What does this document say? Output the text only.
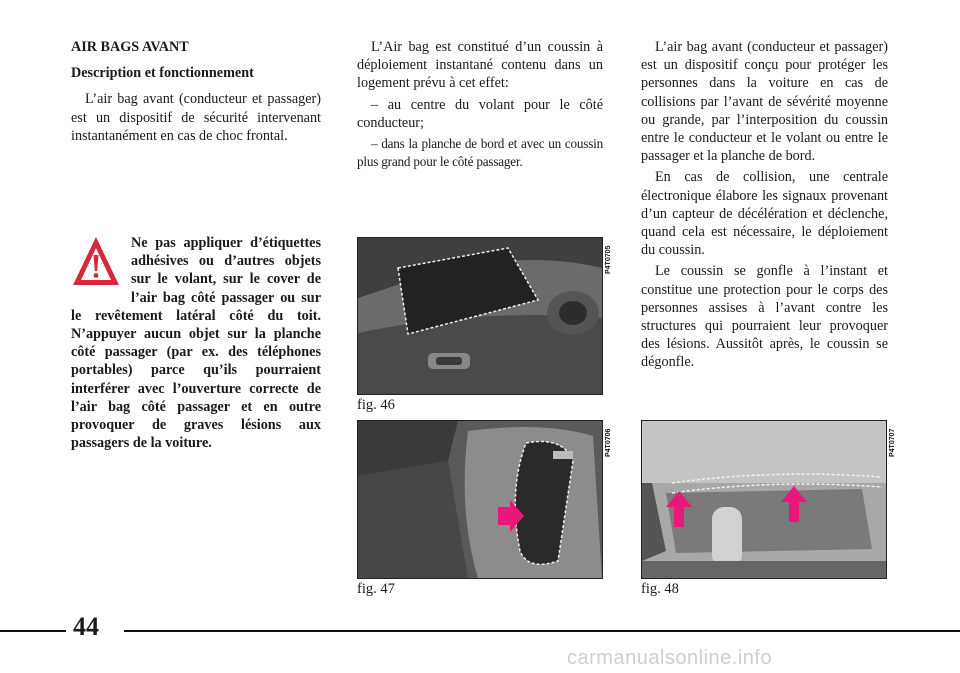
AIR BAGS AVANT

Description et fonctionnement

L’air bag avant (conducteur et passager) est un dispositif de sécurité intervenant instantanément en cas de choc frontal.

Ne pas appliquer d’étiquettes adhésives ou d’autres objets sur le volant, sur le cover de l’air bag côté passager ou sur le revêtement latéral côté du toit. N’appuyer aucun objet sur la planche côté passager (par ex. des téléphones portables) parce qu’ils pourraient interférer avec l’ouverture correcte de l’air bag côté passager et en outre provoquer de graves lésions aux passagers de la voiture.

L’Air bag est constitué d’un coussin à déploiement instantané contenu dans un logement prévu à cet effet:

– au centre du volant pour le côté conducteur;

– dans la planche de bord et avec un coussin plus grand pour le côté passager.

L’air bag avant (conducteur et passager) est un dispositif conçu pour protéger les personnes dans la voiture en cas de collisions par l’avant de sévérité moyenne ou grande, par l’interposition du coussin entre le conducteur et le volant ou entre le passager et la planche de bord.

En cas de collision, une centrale électronique élabore les signaux provenant d’un capteur de décélération et déclenche, quand cela est nécessaire, le déploiement du coussin.

Le coussin se gonfle à l’instant et constitue une protection pour le corps des personnes assises à l’avant contre les structures qui pourraient leur provoquer des lésions. Aussitôt après, le coussin se dégonfle.

P4T0705
fig. 46
P4T0706
fig. 47
P4T0707
fig. 48
44
carmanualsonline.info
